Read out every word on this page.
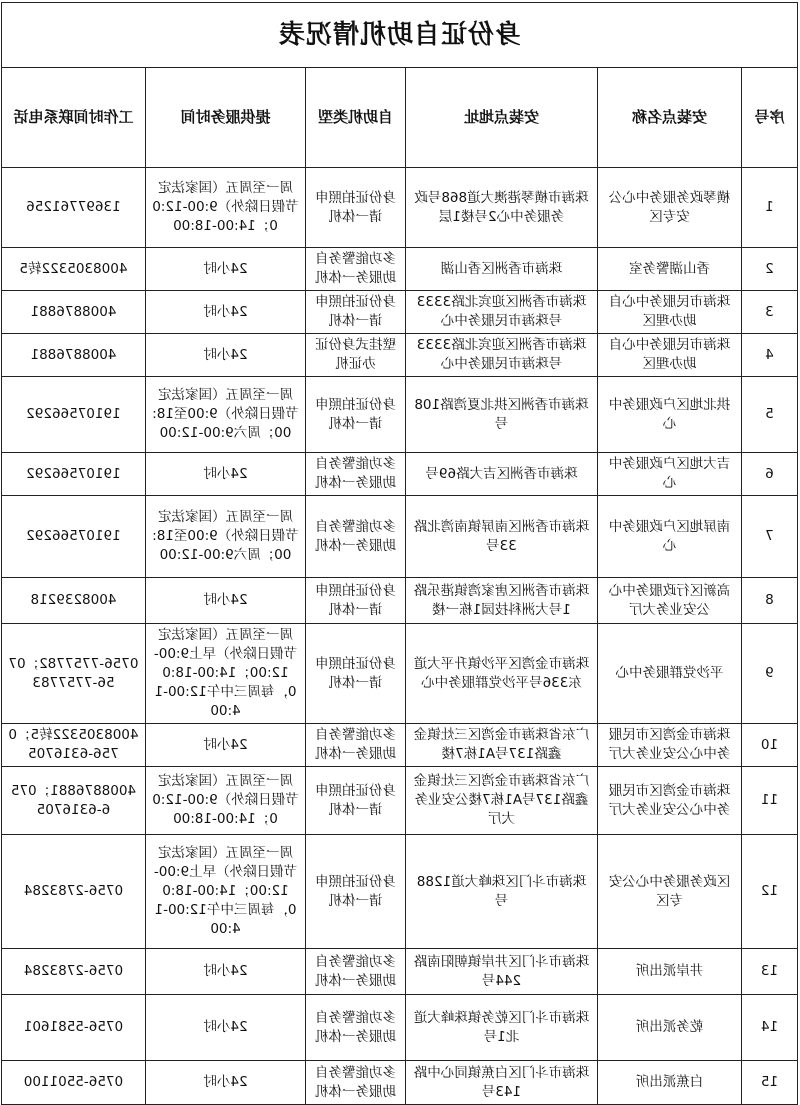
身份证自助机情况表					
序号	安装点名称	安装点地址	自助机类型	提供服务时间	工作时间联系电话
1	横琴政务服务中心公安专区	珠海市横琴港澳大道868号政务服务中心2号楼1层	身份证拍照申请一体机	周一至周五（国家法定节假日除外）9:00-12:00；14:00-18:00	13697761256
2	香山湖警务室	珠海市香洲区香山湖	多功能警务自助服务一体机	24小时	4008305322转5
3	珠海市民服务中心自助办理区	珠海市香洲区迎宾北路3333号珠海市民服务中心	身份证拍照申请一体机	24小时	4008876881
4	珠海市民服务中心自助办理区	珠海市香洲区迎宾北路3333号珠海市民服务中心	壁挂式身份证办证机	24小时	4008876881
5	拱北地区户政服务中心	珠海市香洲区拱北夏湾路108号	身份证拍照申请一体机	周一至周五（国家法定节假日除外）9:00至18:00；周六9:00-12:00	19107566292
6	吉大地区户政服务中心	珠海市香洲区吉大路69号	多功能警务自助服务一体机	24小时	19107566292
7	南屏地区户政服务中心	珠海市香洲区南屏镇南湾北路33号	多功能警务自助服务一体机	周一至周五（国家法定节假日除外）9:00至18:00；周六9:00-12:00	19107566292
8	高新区行政服务中心公安业务大厅	珠海市香洲区唐家湾镇港乐路1号大洲科技园1栋一楼	身份证拍照申请一体机	24小时	4008239218
9	平沙党群服务中心	珠海市金湾区平沙镇升平大道东336号平沙党群服务中心	身份证拍照申请一体机	周一至周五（国家法定节假日除外）早上9:00-12:00；14:00-18:00，每周三中午12:00-14:00	0756-7757782；0756-7757783
10	珠海市金湾区市民服务中心公安业务大厅	广东省珠海市金湾区三灶镇金鑫路137号A1栋7楼	多功能警务自助服务一体机	24小时	4008305322转5；0756-6316705
11	珠海市金湾区市民服务中心公安业务大厅	广东省珠海市金湾区三灶镇金鑫路137号A1栋7楼公安业务大厅	身份证拍照申请一体机	周一至周五（国家法定节假日除外）9:00-12:00；14:00-18:00	4008876881；0756-6316705
12	区政务服务中心公安专区	珠海市斗门区珠峰大道1288号	身份证拍照申请一体机	周一至周五（国家法定节假日除外）早上9:00-12:00；14:00-18:00，每周三中午12:00-14:00	0756-2783284
13	井岸派出所	珠海市斗门区井岸镇朝阳南路244号	多功能警务自助服务一体机	24小时	0756-2783284
14	乾务派出所	珠海市斗门区乾务镇珠峰大道北1号	多功能警务自助服务一体机	24小时	0756-5581601
15	白蕉派出所	珠海市斗门区白蕉镇同心中路143号	多功能警务自助服务一体机	24小时	0756-5501100
